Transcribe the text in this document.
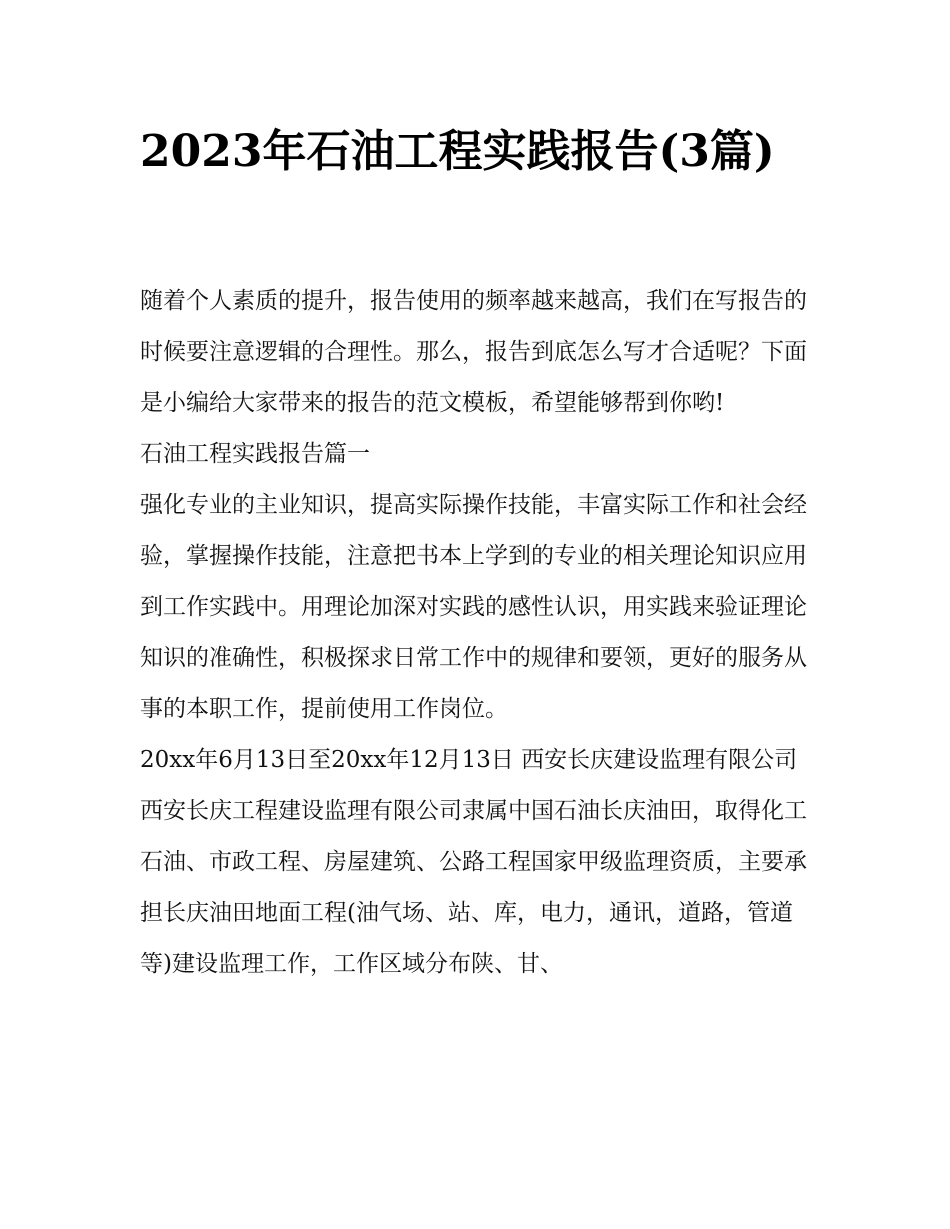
2023年石油工程实践报告(3篇)

随着个人素质的提升，报告使用的频率越来越高，我们在写报告的时候要注意逻辑的合理性。那么，报告到底怎么写才合适呢？下面是小编给大家带来的报告的范文模板，希望能够帮到你哟!

石油工程实践报告篇一

强化专业的主业知识，提高实际操作技能，丰富实际工作和社会经验，掌握操作技能，注意把书本上学到的专业的相关理论知识应用到工作实践中。用理论加深对实践的感性认识，用实践来验证理论知识的准确性，积极探求日常工作中的规律和要领，更好的服务从事的本职工作，提前使用工作岗位。

20xx年6月13日至20xx年12月13日 西安长庆建设监理有限公司

西安长庆工程建设监理有限公司隶属中国石油长庆油田，取得化工石油、市政工程、房屋建筑、公路工程国家甲级监理资质，主要承担长庆油田地面工程(油气场、站、库，电力，通讯，道路，管道等)建设监理工作，工作区域分布陕、甘、
